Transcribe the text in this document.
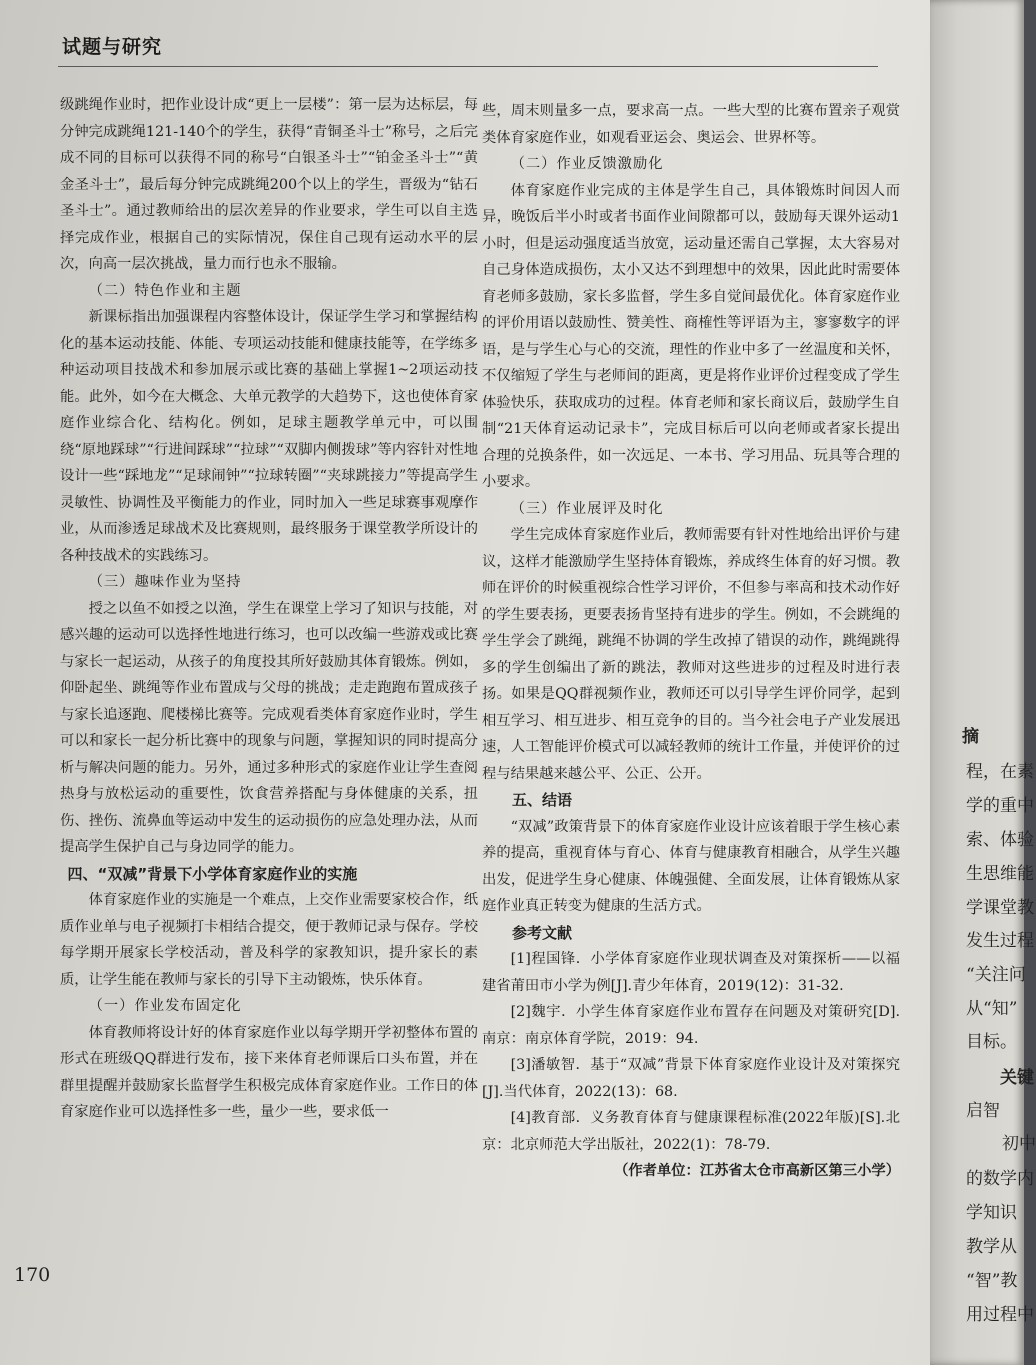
试题与研究

级跳绳作业时，把作业设计成“更上一层楼”：第一层为达标层，每分钟完成跳绳121-140个的学生，获得“青铜圣斗士”称号，之后完成不同的目标可以获得不同的称号“白银圣斗士”“铂金圣斗士”“黄金圣斗士”，最后每分钟完成跳绳200个以上的学生，晋级为“钻石圣斗士”。通过教师给出的层次差异的作业要求，学生可以自主选择完成作业，根据自己的实际情况，保住自己现有运动水平的层次，向高一层次挑战，量力而行也永不服输。

（二）特色作业和主题

新课标指出加强课程内容整体设计，保证学生学习和掌握结构化的基本运动技能、体能、专项运动技能和健康技能等，在学练多种运动项目技战术和参加展示或比赛的基础上掌握1~2项运动技能。此外，如今在大概念、大单元教学的大趋势下，这也使体育家庭作业综合化、结构化。例如，足球主题教学单元中，可以围绕“原地踩球”“行进间踩球”“拉球”“双脚内侧拨球”等内容针对性地设计一些“踩地龙”“足球闹钟”“拉球转圈”“夹球跳接力”等提高学生灵敏性、协调性及平衡能力的作业，同时加入一些足球赛事观摩作业，从而渗透足球战术及比赛规则，最终服务于课堂教学所设计的各种技战术的实践练习。

（三）趣味作业为坚持

授之以鱼不如授之以渔，学生在课堂上学习了知识与技能，对感兴趣的运动可以选择性地进行练习，也可以改编一些游戏或比赛与家长一起运动，从孩子的角度投其所好鼓励其体育锻炼。例如，仰卧起坐、跳绳等作业布置成与父母的挑战；走走跑跑布置成孩子与家长追逐跑、爬楼梯比赛等。完成观看类体育家庭作业时，学生可以和家长一起分析比赛中的现象与问题，掌握知识的同时提高分析与解决问题的能力。另外，通过多种形式的家庭作业让学生查阅热身与放松运动的重要性，饮食营养搭配与身体健康的关系，扭伤、挫伤、流鼻血等运动中发生的运动损伤的应急处理办法，从而提高学生保护自己与身边同学的能力。

四、“双减”背景下小学体育家庭作业的实施

体育家庭作业的实施是一个难点，上交作业需要家校合作，纸质作业单与电子视频打卡相结合提交，便于教师记录与保存。学校每学期开展家长学校活动，普及科学的家教知识，提升家长的素质，让学生能在教师与家长的引导下主动锻炼，快乐体育。

（一）作业发布固定化

体育教师将设计好的体育家庭作业以每学期开学初整体布置的形式在班级QQ群进行发布，接下来体育老师课后口头布置，并在群里提醒并鼓励家长监督学生积极完成体育家庭作业。工作日的体育家庭作业可以选择性多一些，量少一些，要求低一

些，周末则量多一点，要求高一点。一些大型的比赛布置亲子观赏类体育家庭作业，如观看亚运会、奥运会、世界杯等。

（二）作业反馈激励化

体育家庭作业完成的主体是学生自己，具体锻炼时间因人而异，晚饭后半小时或者书面作业间隙都可以，鼓励每天课外运动1小时，但是运动强度适当放宽，运动量还需自己掌握，太大容易对自己身体造成损伤，太小又达不到理想中的效果，因此此时需要体育老师多鼓励，家长多监督，学生多自觉间最优化。体育家庭作业的评价用语以鼓励性、赞美性、商榷性等评语为主，寥寥数字的评语，是与学生心与心的交流，理性的作业中多了一丝温度和关怀，不仅缩短了学生与老师间的距离，更是将作业评价过程变成了学生体验快乐，获取成功的过程。体育老师和家长商议后，鼓励学生自制“21天体育运动记录卡”，完成目标后可以向老师或者家长提出合理的兑换条件，如一次远足、一本书、学习用品、玩具等合理的小要求。

（三）作业展评及时化

学生完成体育家庭作业后，教师需要有针对性地给出评价与建议，这样才能激励学生坚持体育锻炼，养成终生体育的好习惯。教师在评价的时候重视综合性学习评价，不但参与率高和技术动作好的学生要表扬，更要表扬肯坚持有进步的学生。例如，不会跳绳的学生学会了跳绳，跳绳不协调的学生改掉了错误的动作，跳绳跳得多的学生创编出了新的跳法，教师对这些进步的过程及时进行表扬。如果是QQ群视频作业，教师还可以引导学生评价同学，起到相互学习、相互进步、相互竞争的目的。当今社会电子产业发展迅速，人工智能评价模式可以减轻教师的统计工作量，并使评价的过程与结果越来越公平、公正、公开。

五、结语

“双减”政策背景下的体育家庭作业设计应该着眼于学生核心素养的提高，重视育体与育心、体育与健康教育相融合，从学生兴趣出发，促进学生身心健康、体魄强健、全面发展，让体育锻炼从家庭作业真正转变为健康的生活方式。

参考文献

[1]程国锋．小学体育家庭作业现状调查及对策探析——以福建省莆田市小学为例[J].青少年体育，2019(12)：31-32.

[2]魏宇．小学生体育家庭作业布置存在问题及对策研究[D].南京：南京体育学院，2019：94.

[3]潘敏智．基于“双减”背景下体育家庭作业设计及对策探究[J].当代体育，2022(13)：68.

[4]教育部．义务教育体育与健康课程标准(2022年版)[S].北京：北京师范大学出版社，2022(1)：78-79.

（作者单位：江苏省太仓市高新区第三小学）
170
摘
程，在素
学的重中
索、体验
生思维能
学课堂教
发生过程
“关注问
从“知”
目标。
关键
启智
初中
的数学内
学知识
教学从
“智”教
用过程中
